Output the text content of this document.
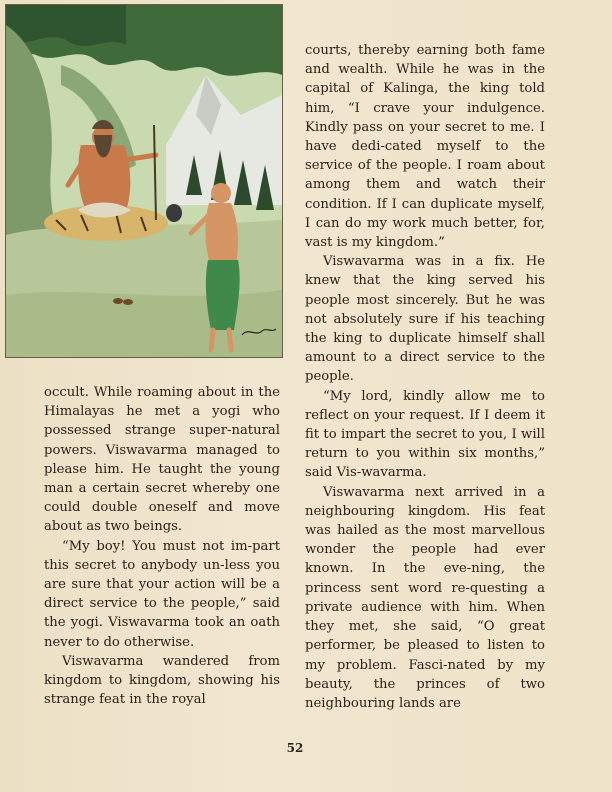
occult. While roaming about in the Himalayas he met a yogi who possessed strange super-natural powers. Viswavarma managed to please him. He taught the young man a certain secret whereby one could double oneself and move about as two beings.

“My boy! You must not im-part this secret to anybody un-less you are sure that your action will be a direct service to the people,” said the yogi. Viswavarma took an oath never to do otherwise.

Viswavarma wandered from kingdom to kingdom, showing his strange feat in the royal

courts, thereby earning both fame and wealth. While he was in the capital of Kalinga, the king told him, “I crave your indulgence. Kindly pass on your secret to me. I have dedi-cated myself to the service of the people. I roam about among them and watch their condition. If I can duplicate myself, I can do my work much better, for, vast is my kingdom.”

Viswavarma was in a fix. He knew that the king served his people most sincerely. But he was not absolutely sure if his teaching the king to duplicate himself shall amount to a direct service to the people.

“My lord, kindly allow me to reflect on your request. If I deem it fit to impart the secret to you, I will return to you within six months,” said Vis-wavarma.

Viswavarma next arrived in a neighbouring kingdom. His feat was hailed as the most marvellous wonder the people had ever known. In the eve-ning, the princess sent word re-questing a private audience with him. When they met, she said, “O great performer, be pleased to listen to my problem. Fasci-nated by my beauty, the princes of two neighbouring lands are

52
